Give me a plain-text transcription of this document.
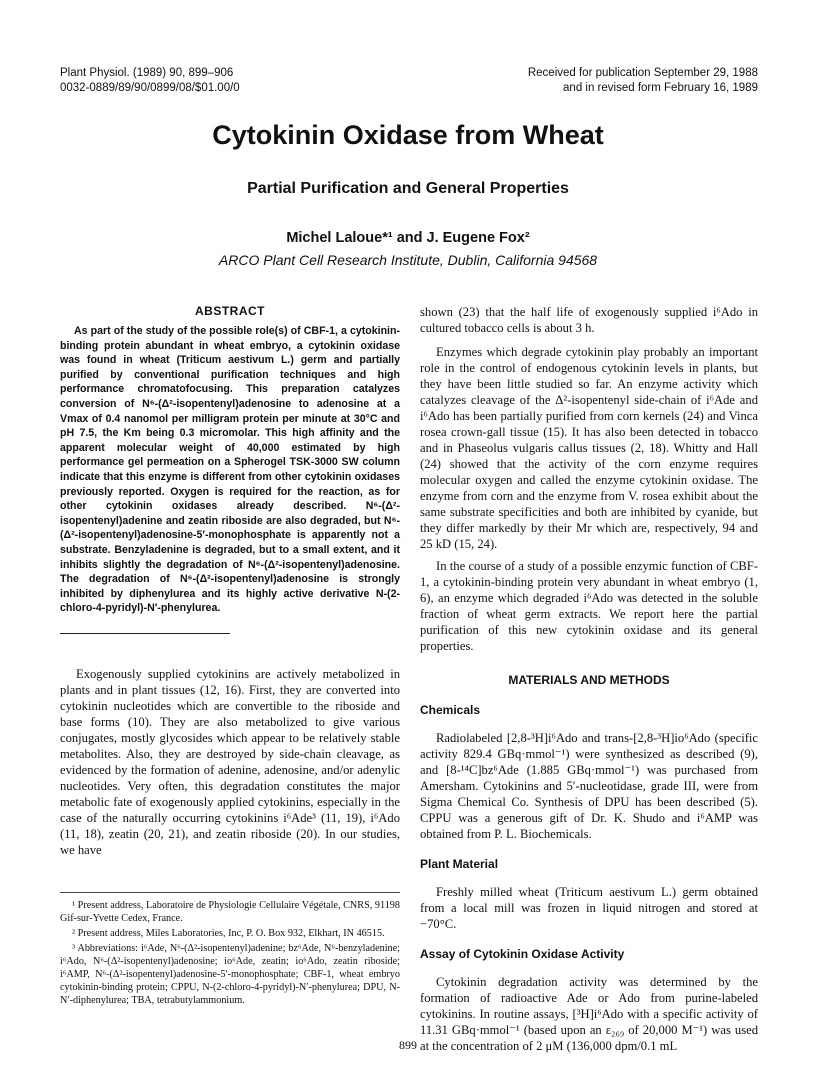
Plant Physiol. (1989) 90, 899–906
0032-0889/89/90/0899/08/$01.00/0
Received for publication September 29, 1988
and in revised form February 16, 1989
Cytokinin Oxidase from Wheat
Partial Purification and General Properties
Michel Laloue*¹ and J. Eugene Fox²
ARCO Plant Cell Research Institute, Dublin, California 94568
ABSTRACT
As part of the study of the possible role(s) of CBF-1, a cytokinin-binding protein abundant in wheat embryo, a cytokinin oxidase was found in wheat (Triticum aestivum L.) germ and partially purified by conventional purification techniques and high performance chromatofocusing. This preparation catalyzes conversion of N⁶-(Δ²-isopentenyl)adenosine to adenosine at a Vmax of 0.4 nanomol per milligram protein per minute at 30°C and pH 7.5, the Km being 0.3 micromolar. This high affinity and the apparent molecular weight of 40,000 estimated by high performance gel permeation on a Spherogel TSK-3000 SW column indicate that this enzyme is different from other cytokinin oxidases previously reported. Oxygen is required for the reaction, as for other cytokinin oxidases already described. N⁶-(Δ²-isopentenyl)adenine and zeatin riboside are also degraded, but N⁶-(Δ²-isopentenyl)adenosine-5′-monophosphate is apparently not a substrate. Benzyladenine is degraded, but to a small extent, and it inhibits slightly the degradation of N⁶-(Δ²-isopentenyl)adenosine. The degradation of N⁶-(Δ²-isopentenyl)adenosine is strongly inhibited by diphenylurea and its highly active derivative N-(2-chloro-4-pyridyl)-N′-phenylurea.
Exogenously supplied cytokinins are actively metabolized in plants and in plant tissues (12, 16). First, they are converted into cytokinin nucleotides which are convertible to the riboside and base forms (10). They are also metabolized to give various conjugates, mostly glycosides which appear to be relatively stable metabolites. Also, they are destroyed by side-chain cleavage, as evidenced by the formation of adenine, adenosine, and/or adenylic nucleotides. Very often, this degradation constitutes the major metabolic fate of exogenously applied cytokinins, especially in the case of the naturally occurring cytokinins i⁶Ade³ (11, 19), i⁶Ado (11, 18), zeatin (20, 21), and zeatin riboside (20). In our studies, we have

¹ Present address, Laboratoire de Physiologie Cellulaire Végétale, CNRS, 91198 Gif-sur-Yvette Cedex, France.

² Present address, Miles Laboratories, Inc, P. O. Box 932, Elkhart, IN 46515.

³ Abbreviations: i⁶Ade, N⁶-(Δ²-isopentenyl)adenine; bz⁶Ade, N⁶-benzyladenine; i⁶Ado, N⁶-(Δ²-isopentenyl)adenosine; io⁶Ade, zeatin; io⁶Ado, zeatin riboside; i⁶AMP, N⁶-(Δ²-isopentenyl)adenosine-5′-monophosphate; CBF-1, wheat embryo cytokinin-binding protein; CPPU, N-(2-chloro-4-pyridyl)-N′-phenylurea; DPU, N-N′-diphenylurea; TBA, tetrabutylammonium.

shown (23) that the half life of exogenously supplied i⁶Ado in cultured tobacco cells is about 3 h.

Enzymes which degrade cytokinin play probably an important role in the control of endogenous cytokinin levels in plants, but they have been little studied so far. An enzyme activity which catalyzes cleavage of the Δ²-isopentenyl side-chain of i⁶Ade and i⁶Ado has been partially purified from corn kernels (24) and Vinca rosea crown-gall tissue (15). It has also been detected in tobacco and in Phaseolus vulgaris callus tissues (2, 18). Whitty and Hall (24) showed that the activity of the corn enzyme requires molecular oxygen and called the enzyme cytokinin oxidase. The enzyme from corn and the enzyme from V. rosea exhibit about the same substrate specificities and both are inhibited by cyanide, but they differ markedly by their Mr which are, respectively, 94 and 25 kD (15, 24).

In the course of a study of a possible enzymic function of CBF-1, a cytokinin-binding protein very abundant in wheat embryo (1, 6), an enzyme which degraded i⁶Ado was detected in the soluble fraction of wheat germ extracts. We report here the partial purification of this new cytokinin oxidase and its general properties.

MATERIALS AND METHODS

Chemicals

Radiolabeled [2,8-³H]i⁶Ado and trans-[2,8-³H]io⁶Ado (specific activity 829.4 GBq·mmol⁻¹) were synthesized as described (9), and [8-¹⁴C]bz⁶Ade (1.885 GBq·mmol⁻¹) was purchased from Amersham. Cytokinins and 5′-nucleotidase, grade III, were from Sigma Chemical Co. Synthesis of DPU has been described (5). CPPU was a generous gift of Dr. K. Shudo and i⁶AMP was obtained from P. L. Biochemicals.

Plant Material

Freshly milled wheat (Triticum aestivum L.) germ obtained from a local mill was frozen in liquid nitrogen and stored at −70°C.

Assay of Cytokinin Oxidase Activity

Cytokinin degradation activity was determined by the formation of radioactive Ade or Ado from purine-labeled cytokinins. In routine assays, [³H]i⁶Ado with a specific activity of 11.31 GBq·mmol⁻¹ (based upon an ε₂₆₉ of 20,000 M⁻¹) was used at the concentration of 2 μM (136,000 dpm/0.1 mL

899
